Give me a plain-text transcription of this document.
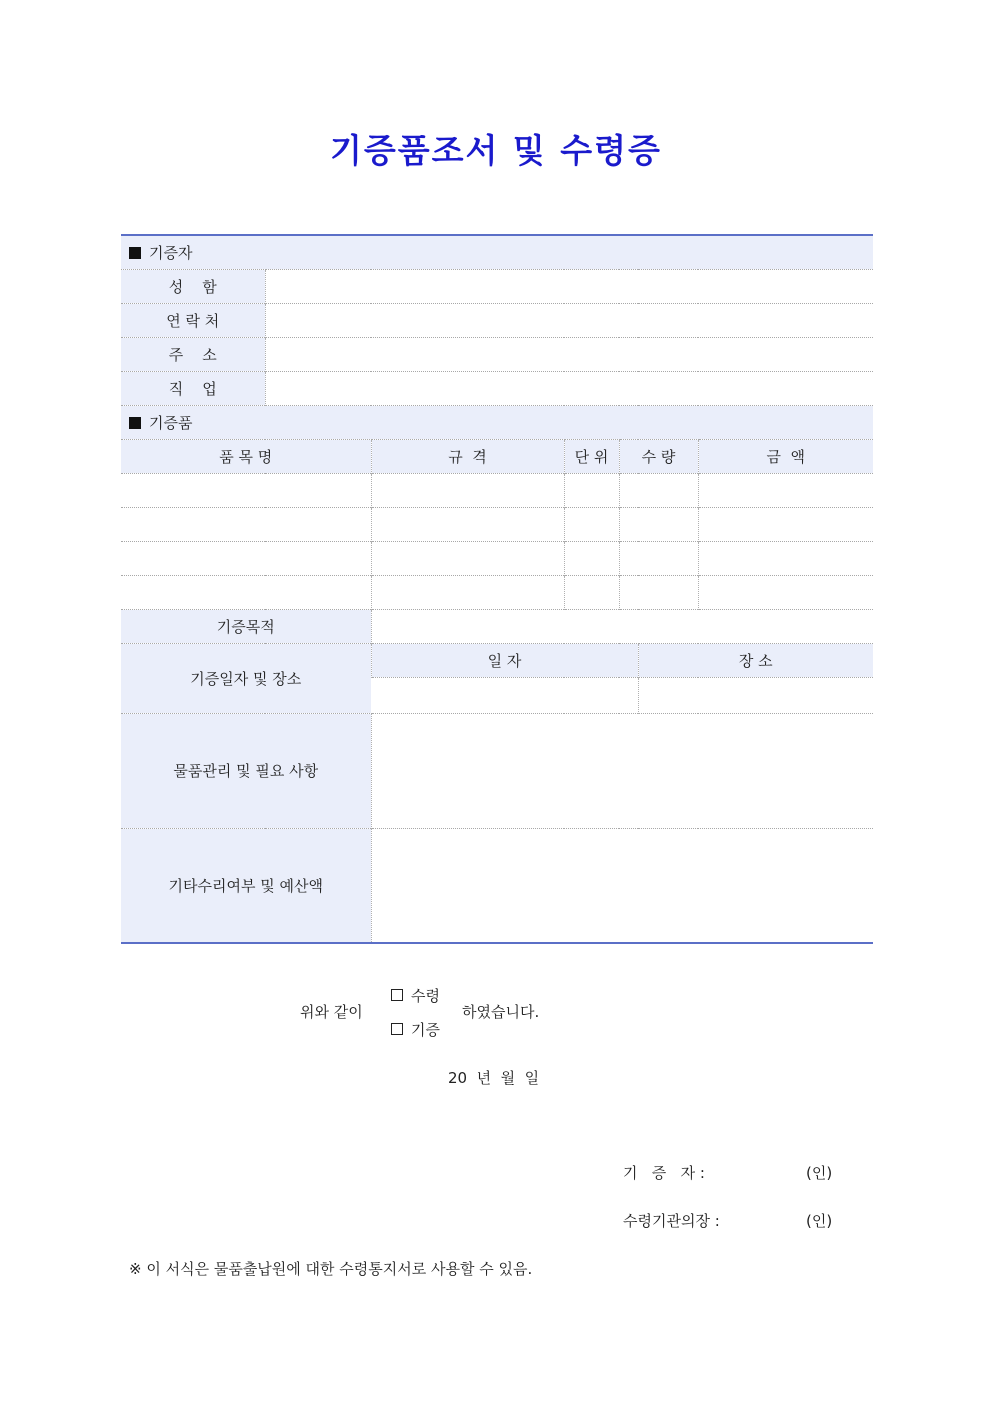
기증품조서 및 수령증
기증자						
성    함						
연 락 처						
주    소						
직    업						
기증품						
품 목 명		규  격	단 위	수 량		금  액

기증목적						
기증일자 및 장소		일 자			장 소	

물품관리 및 필요 사항						
기타수리여부 및 예산액						
위와 같이
수령
기증
하였습니다.
20  년  월  일
기   증   자 :	(인)
수령기관의장 :	(인)
※ 이 서식은 물품출납원에 대한 수령통지서로 사용할 수 있음.
